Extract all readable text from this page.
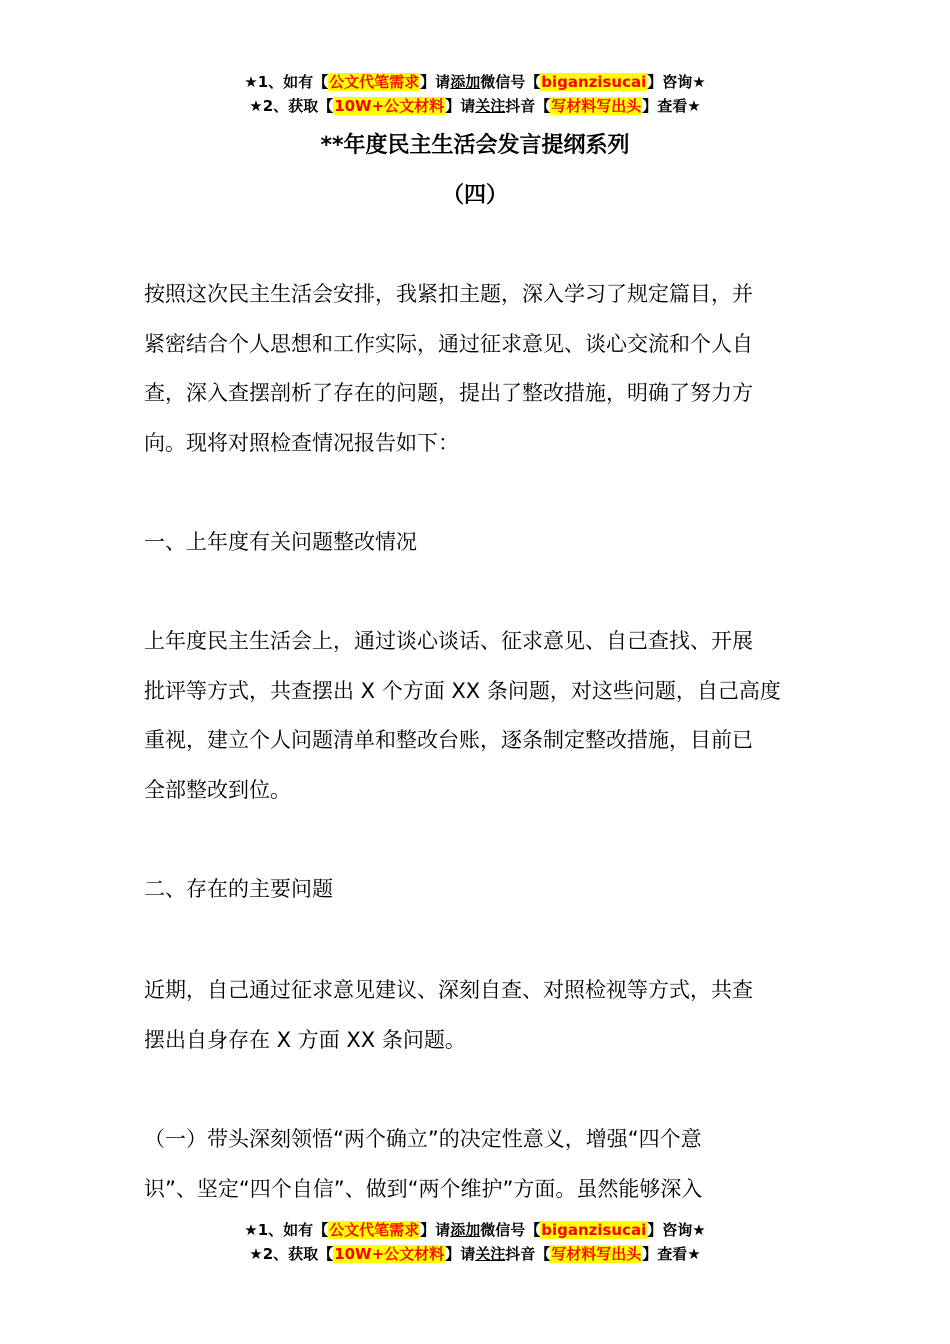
★1、如有【公文代笔需求】请添加微信号【biganzisucai】咨询★
★2、获取【10W+公文材料】请关注抖音【写材料写出头】查看★
**年度民主生活会发言提纲系列
（四）
按照这次民主生活会安排，我紧扣主题，深入学习了规定篇目，并
紧密结合个人思想和工作实际，通过征求意见、谈心交流和个人自
查，深入查摆剖析了存在的问题，提出了整改措施，明确了努力方
向。现将对照检查情况报告如下：
一、上年度有关问题整改情况
上年度民主生活会上，通过谈心谈话、征求意见、自己查找、开展
批评等方式，共查摆出 X 个方面 XX 条问题，对这些问题，自己高度
重视，建立个人问题清单和整改台账，逐条制定整改措施，目前已
全部整改到位。
二、存在的主要问题
近期，自己通过征求意见建议、深刻自查、对照检视等方式，共查
摆出自身存在 X 方面 XX 条问题。
（一）带头深刻领悟“两个确立”的决定性意义，增强“四个意
识”、坚定“四个自信”、做到“两个维护”方面。虽然能够深入
★1、如有【公文代笔需求】请添加微信号【biganzisucai】咨询★
★2、获取【10W+公文材料】请关注抖音【写材料写出头】查看★
